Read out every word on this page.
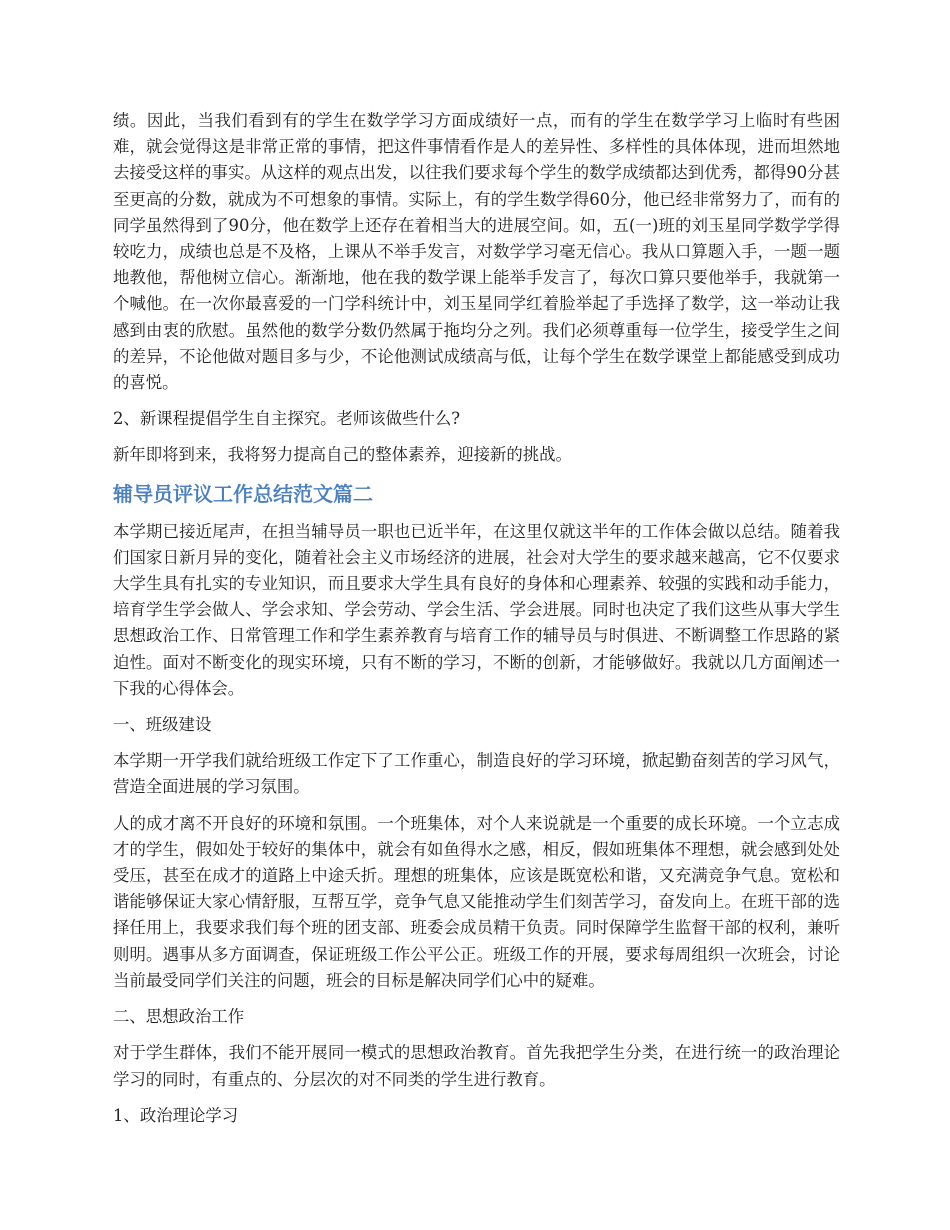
绩。因此，当我们看到有的学生在数学学习方面成绩好一点，而有的学生在数学学习上临时有些困难，就会觉得这是非常正常的事情，把这件事情看作是人的差异性、多样性的具体体现，进而坦然地去接受这样的事实。从这样的观点出发，以往我们要求每个学生的数学成绩都达到优秀，都得90分甚至更高的分数，就成为不可想象的事情。实际上，有的学生数学得60分，他已经非常努力了，而有的同学虽然得到了90分，他在数学上还存在着相当大的进展空间。如，五(一)班的刘玉星同学数学学得较吃力，成绩也总是不及格，上课从不举手发言，对数学学习毫无信心。我从口算题入手，一题一题地教他，帮他树立信心。渐渐地，他在我的数学课上能举手发言了，每次口算只要他举手，我就第一个喊他。在一次你最喜爱的一门学科统计中，刘玉星同学红着脸举起了手选择了数学，这一举动让我感到由衷的欣慰。虽然他的数学分数仍然属于拖均分之列。我们必须尊重每一位学生，接受学生之间的差异，不论他做对题目多与少，不论他测试成绩高与低，让每个学生在数学课堂上都能感受到成功的喜悦。

2、新课程提倡学生自主探究。老师该做些什么?

新年即将到来，我将努力提高自己的整体素养，迎接新的挑战。

辅导员评议工作总结范文篇二

本学期已接近尾声，在担当辅导员一职也已近半年，在这里仅就这半年的工作体会做以总结。随着我们国家日新月异的变化，随着社会主义市场经济的进展，社会对大学生的要求越来越高，它不仅要求大学生具有扎实的专业知识，而且要求大学生具有良好的身体和心理素养、较强的实践和动手能力，培育学生学会做人、学会求知、学会劳动、学会生活、学会进展。同时也决定了我们这些从事大学生思想政治工作、日常管理工作和学生素养教育与培育工作的辅导员与时俱进、不断调整工作思路的紧迫性。面对不断变化的现实环境，只有不断的学习，不断的创新，才能够做好。我就以几方面阐述一下我的心得体会。

一、班级建设

本学期一开学我们就给班级工作定下了工作重心，制造良好的学习环境，掀起勤奋刻苦的学习风气，营造全面进展的学习氛围。

人的成才离不开良好的环境和氛围。一个班集体，对个人来说就是一个重要的成长环境。一个立志成才的学生，假如处于较好的集体中，就会有如鱼得水之感，相反，假如班集体不理想，就会感到处处受压，甚至在成才的道路上中途夭折。理想的班集体，应该是既宽松和谐，又充满竞争气息。宽松和谐能够保证大家心情舒服，互帮互学，竞争气息又能推动学生们刻苦学习，奋发向上。在班干部的选择任用上，我要求我们每个班的团支部、班委会成员精干负责。同时保障学生监督干部的权利，兼听则明。遇事从多方面调查，保证班级工作公平公正。班级工作的开展，要求每周组织一次班会，讨论当前最受同学们关注的问题，班会的目标是解决同学们心中的疑难。

二、思想政治工作

对于学生群体，我们不能开展同一模式的思想政治教育。首先我把学生分类，在进行统一的政治理论学习的同时，有重点的、分层次的对不同类的学生进行教育。

1、政治理论学习
